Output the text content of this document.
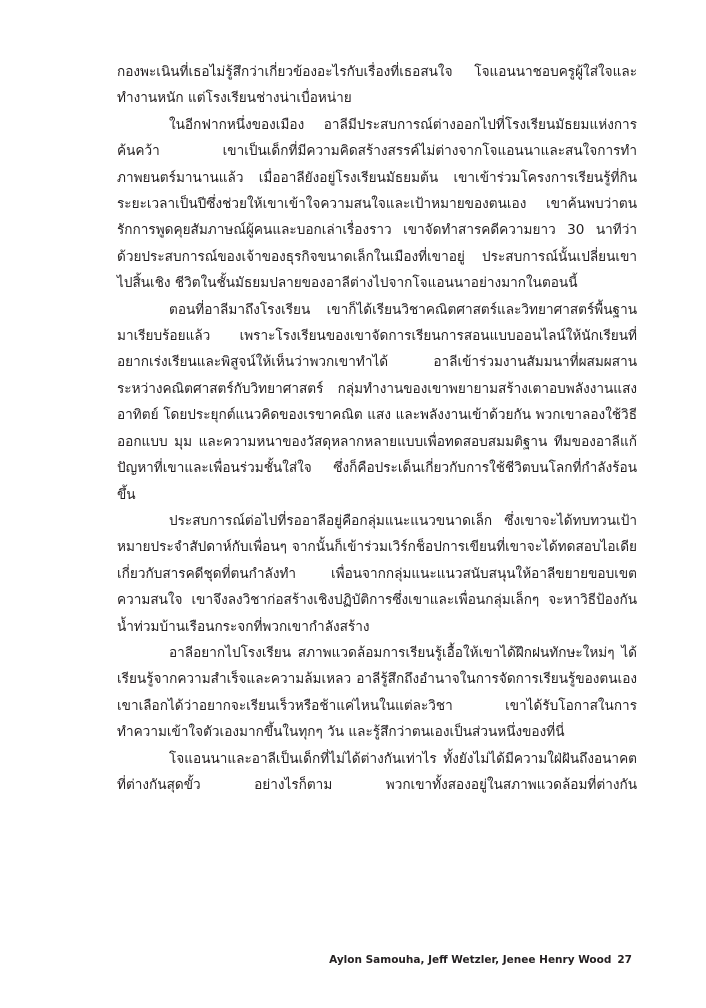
กองพะเนินที่เธอไม่รู้สึกว่าเกี่ยวข้องอะไรกับเรื่องที่เธอสนใจ โจแอนนาชอบครูผู้ใส่ใจและทำงานหนัก แต่โรงเรียนช่างน่าเบื่อหน่าย

ในอีกฟากหนึ่งของเมือง อาลีมีประสบการณ์ต่างออกไปที่โรงเรียนมัธยมแห่งการค้นคว้า เขาเป็นเด็กที่มีความคิดสร้างสรรค์ไม่ต่างจากโจแอนนาและสนใจการทำภาพยนตร์มานานแล้ว เมื่ออาลียังอยู่โรงเรียนมัธยมต้น เขาเข้าร่วมโครงการเรียนรู้ที่กินระยะเวลาเป็นปีซึ่งช่วยให้เขาเข้าใจความสนใจและเป้าหมายของตนเอง เขาค้นพบว่าตนรักการพูดคุยสัมภาษณ์ผู้คนและบอกเล่าเรื่องราว เขาจัดทำสารคดีความยาว 30 นาทีว่าด้วยประสบการณ์ของเจ้าของธุรกิจขนาดเล็กในเมืองที่เขาอยู่ ประสบการณ์นั้นเปลี่ยนเขาไปสิ้นเชิง ชีวิตในชั้นมัธยมปลายของอาลีต่างไปจากโจแอนนาอย่างมากในตอนนี้

ตอนที่อาลีมาถึงโรงเรียน เขาก็ได้เรียนวิชาคณิตศาสตร์และวิทยาศาสตร์พื้นฐานมาเรียบร้อยแล้ว เพราะโรงเรียนของเขาจัดการเรียนการสอนแบบออนไลน์ให้นักเรียนที่อยากเร่งเรียนและพิสูจน์ให้เห็นว่าพวกเขาทำได้ อาลีเข้าร่วมงานสัมมนาที่ผสมผสานระหว่างคณิตศาสตร์กับวิทยาศาสตร์ กลุ่มทำงานของเขาพยายามสร้างเตาอบพลังงานแสงอาทิตย์ โดยประยุกต์แนวคิดของเรขาคณิต แสง และพลังงานเข้าด้วยกัน พวกเขาลองใช้วิธีออกแบบ มุม และความหนาของวัสดุหลากหลายแบบเพื่อทดสอบสมมติฐาน ทีมของอาลีแก้ปัญหาที่เขาและเพื่อนร่วมชั้นใส่ใจ ซึ่งก็คือประเด็นเกี่ยวกับการใช้ชีวิตบนโลกที่กำลังร้อนขึ้น

ประสบการณ์ต่อไปที่รออาลีอยู่คือกลุ่มแนะแนวขนาดเล็ก ซึ่งเขาจะได้ทบทวนเป้าหมายประจำสัปดาห์กับเพื่อนๆ จากนั้นก็เข้าร่วมเวิร์กช็อปการเขียนที่เขาจะได้ทดสอบไอเดียเกี่ยวกับสารคดีชุดที่ตนกำลังทำ เพื่อนจากกลุ่มแนะแนวสนับสนุนให้อาลีขยายขอบเขตความสนใจ เขาจึงลงวิชาก่อสร้างเชิงปฏิบัติการซึ่งเขาและเพื่อนกลุ่มเล็กๆ จะหาวิธีป้องกันน้ำท่วมบ้านเรือนกระจกที่พวกเขากำลังสร้าง

อาลีอยากไปโรงเรียน สภาพแวดล้อมการเรียนรู้เอื้อให้เขาได้ฝึกฝนทักษะใหม่ๆ ได้เรียนรู้จากความสำเร็จและความล้มเหลว อาลีรู้สึกถึงอำนาจในการจัดการเรียนรู้ของตนเอง เขาเลือกได้ว่าอยากจะเรียนเร็วหรือช้าแค่ไหนในแต่ละวิชา เขาได้รับโอกาสในการทำความเข้าใจตัวเองมากขึ้นในทุกๆ วัน และรู้สึกว่าตนเองเป็นส่วนหนึ่งของที่นี่

โจแอนนาและอาลีเป็นเด็กที่ไม่ได้ต่างกันเท่าไร ทั้งยังไม่ได้มีความใฝ่ฝันถึงอนาคตที่ต่างกันสุดขั้ว อย่างไรก็ตาม พวกเขาทั้งสองอยู่ในสภาพแวดล้อมที่ต่างกัน

Aylon Samouha, Jeff Wetzler, Jenee Henry Wood 27
